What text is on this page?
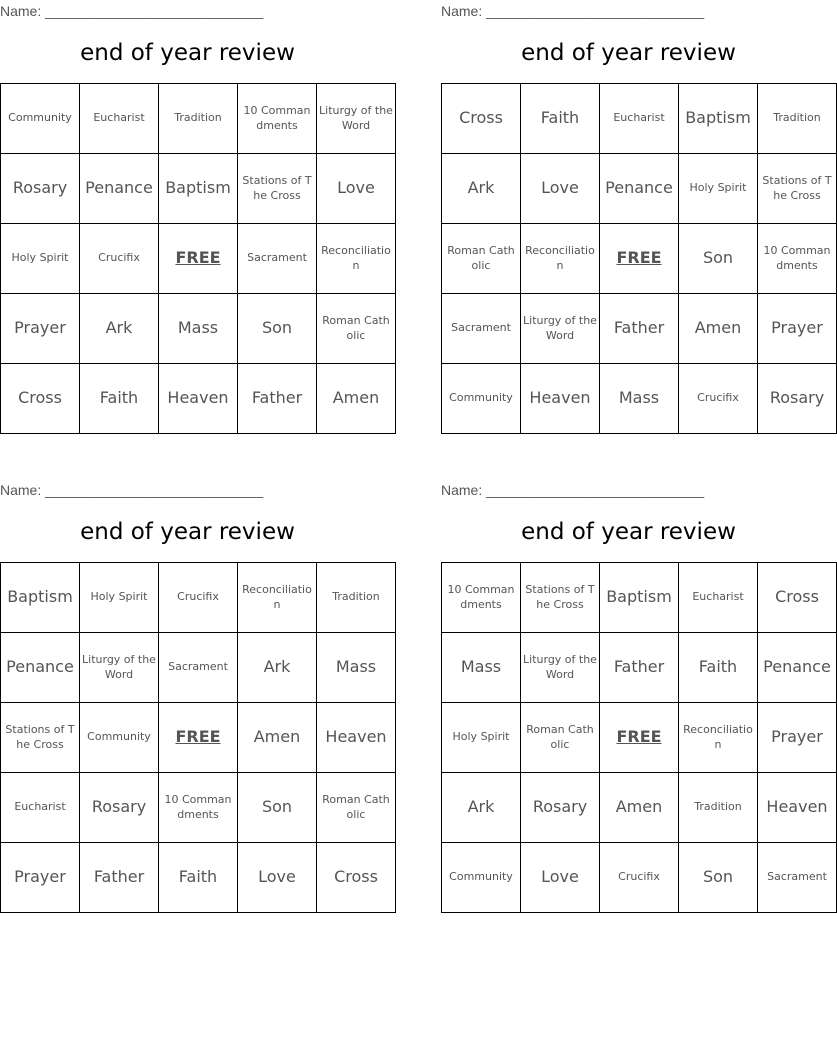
Name: ____________________________
end of year review
Community	Eucharist	Tradition	10 Commandments	Liturgy of the Word
Rosary	Penance	Baptism	Stations of The Cross	Love
Holy Spirit	Crucifix	FREE	Sacrament	Reconciliation
Prayer	Ark	Mass	Son	Roman Catholic
Cross	Faith	Heaven	Father	Amen
Name: ____________________________
end of year review
Cross	Faith	Eucharist	Baptism	Tradition
Ark	Love	Penance	Holy Spirit	Stations of The Cross
Roman Catholic	Reconciliation	FREE	Son	10 Commandments
Sacrament	Liturgy of the Word	Father	Amen	Prayer
Community	Heaven	Mass	Crucifix	Rosary
Name: ____________________________
end of year review
Baptism	Holy Spirit	Crucifix	Reconciliation	Tradition
Penance	Liturgy of the Word	Sacrament	Ark	Mass
Stations of The Cross	Community	FREE	Amen	Heaven
Eucharist	Rosary	10 Commandments	Son	Roman Catholic
Prayer	Father	Faith	Love	Cross
Name: ____________________________
end of year review
10 Commandments	Stations of The Cross	Baptism	Eucharist	Cross
Mass	Liturgy of the Word	Father	Faith	Penance
Holy Spirit	Roman Catholic	FREE	Reconciliation	Prayer
Ark	Rosary	Amen	Tradition	Heaven
Community	Love	Crucifix	Son	Sacrament
